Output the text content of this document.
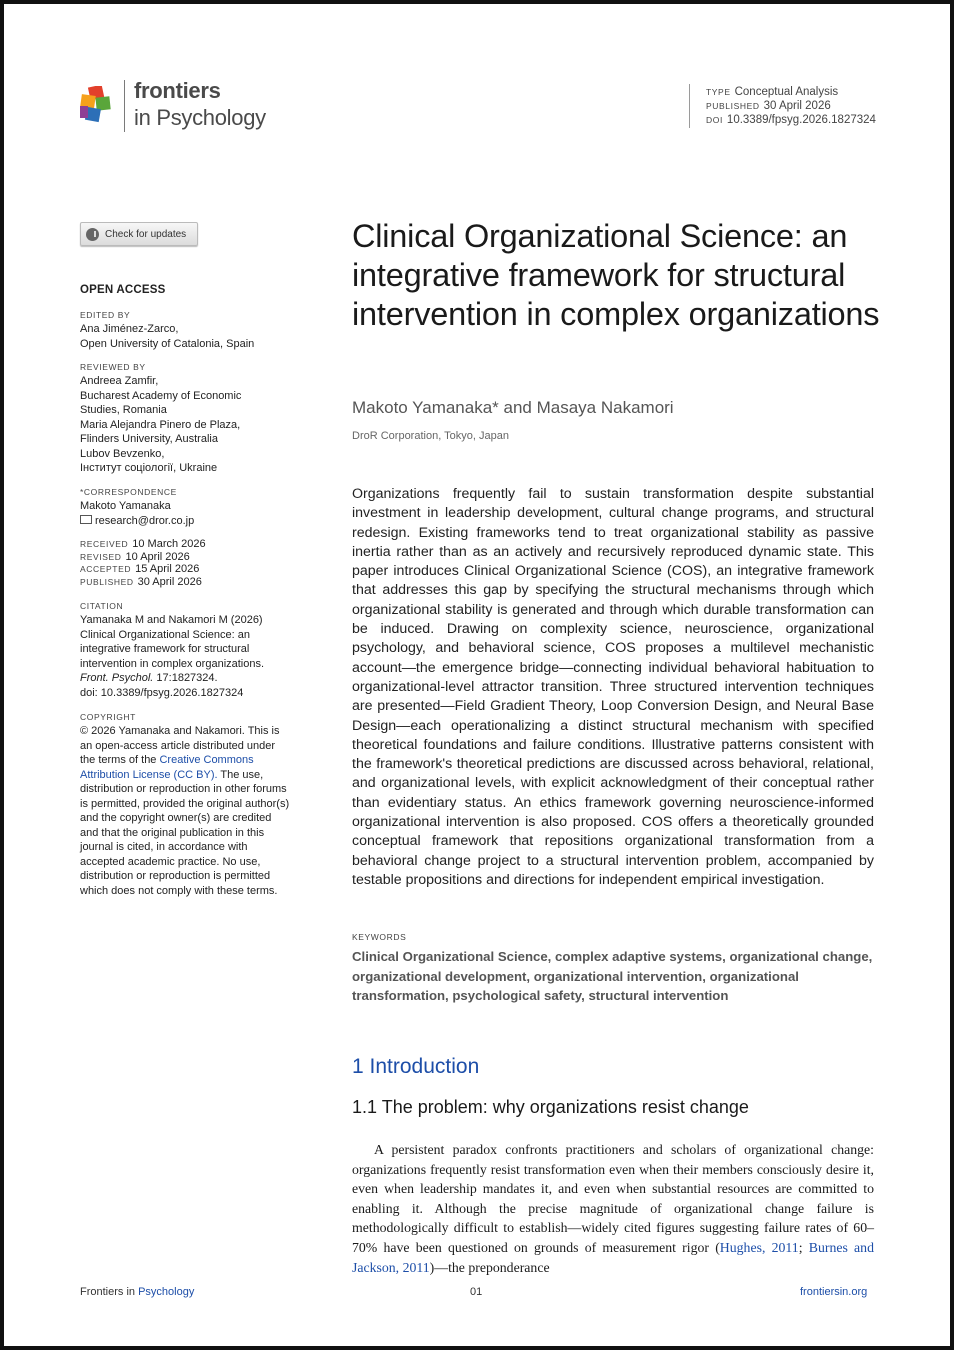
frontiers
in Psychology
TYPE Conceptual Analysis
PUBLISHED 30 April 2026
DOI 10.3389/fpsyg.2026.1827324
Check for updates
OPEN ACCESS
EDITED BY
Ana Jiménez-Zarco,
Open University of Catalonia, Spain
REVIEWED BY
Andreea Zamfir,
Bucharest Academy of Economic
Studies, Romania
Maria Alejandra Pinero de Plaza,
Flinders University, Australia
Lubov Bevzenko,
Інститут соціології, Ukraine
*CORRESPONDENCE
Makoto Yamanaka
research@dror.co.jp
RECEIVED 10 March 2026
REVISED 10 April 2026
ACCEPTED 15 April 2026
PUBLISHED 30 April 2026
CITATION
Yamanaka M and Nakamori M (2026)
Clinical Organizational Science: an
integrative framework for structural
intervention in complex organizations.
Front. Psychol. 17:1827324.
doi: 10.3389/fpsyg.2026.1827324
COPYRIGHT
© 2026 Yamanaka and Nakamori. This is an open-access article distributed under the terms of the Creative Commons Attribution License (CC BY). The use, distribution or reproduction in other forums is permitted, provided the original author(s) and the copyright owner(s) are credited and that the original publication in this journal is cited, in accordance with accepted academic practice. No use, distribution or reproduction is permitted which does not comply with these terms.
Clinical Organizational Science: an integrative framework for structural intervention in complex organizations
Makoto Yamanaka* and Masaya Nakamori
DroR Corporation, Tokyo, Japan
Organizations frequently fail to sustain transformation despite substantial investment in leadership development, cultural change programs, and structural redesign. Existing frameworks tend to treat organizational stability as passive inertia rather than as an actively and recursively reproduced dynamic state. This paper introduces Clinical Organizational Science (COS), an integrative framework that addresses this gap by specifying the structural mechanisms through which organizational stability is generated and through which durable transformation can be induced. Drawing on complexity science, neuroscience, organizational psychology, and behavioral science, COS proposes a multilevel mechanistic account—the emergence bridge—connecting individual behavioral habituation to organizational-level attractor transition. Three structured intervention techniques are presented—Field Gradient Theory, Loop Conversion Design, and Neural Base Design—each operationalizing a distinct structural mechanism with specified theoretical foundations and failure conditions. Illustrative patterns consistent with the framework's theoretical predictions are discussed across behavioral, relational, and organizational levels, with explicit acknowledgment of their conceptual rather than evidentiary status. An ethics framework governing neuroscience-informed organizational intervention is also proposed. COS offers a theoretically grounded conceptual framework that repositions organizational transformation from a behavioral change project to a structural intervention problem, accompanied by testable propositions and directions for independent empirical investigation.
KEYWORDS
Clinical Organizational Science, complex adaptive systems, organizational change, organizational development, organizational intervention, organizational transformation, psychological safety, structural intervention
1 Introduction
1.1 The problem: why organizations resist change
A persistent paradox confronts practitioners and scholars of organizational change: organizations frequently resist transformation even when their members consciously desire it, even when leadership mandates it, and even when substantial resources are committed to enabling it. Although the precise magnitude of organizational change failure is methodologically difficult to establish—widely cited figures suggesting failure rates of 60–70% have been questioned on grounds of measurement rigor (Hughes, 2011; Burnes and Jackson, 2011)—the preponderance
Frontiers in Psychology	01	frontiersin.org
